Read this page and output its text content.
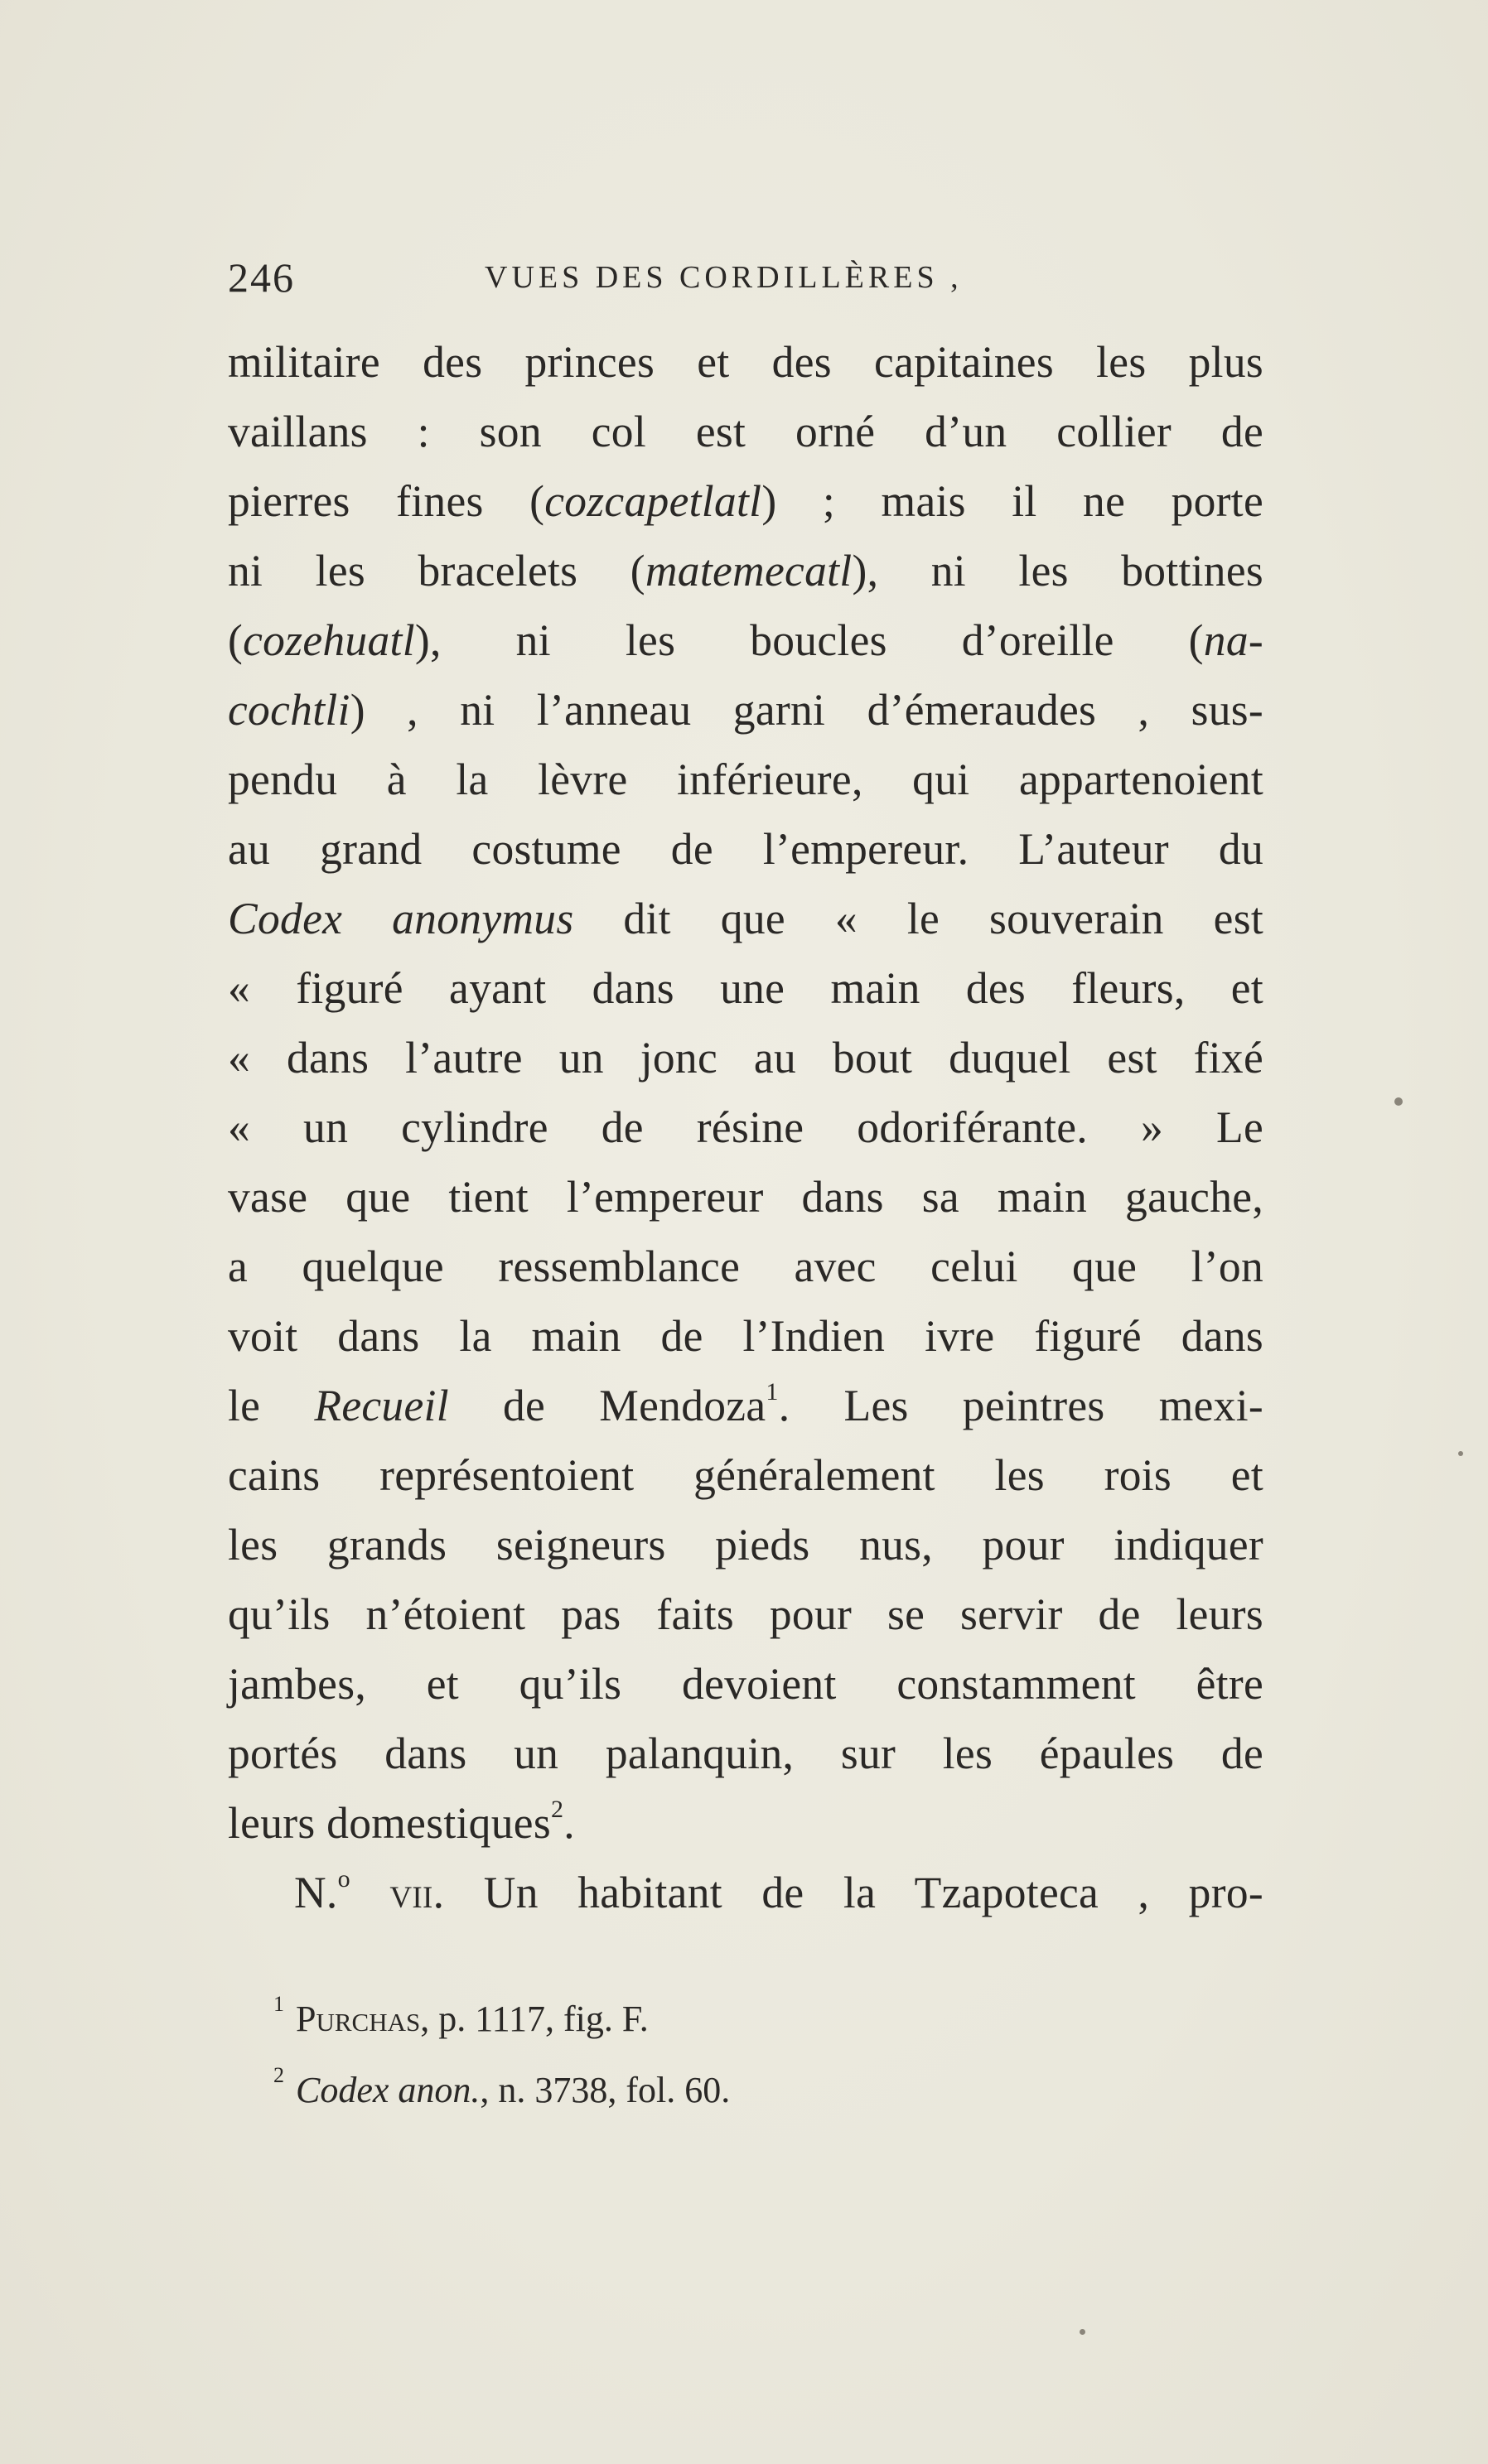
246	VUES DES CORDILLÈRES ,
militaire des princes et des capitaines les plus
vaillans : son col est orné d’un collier de
pierres fines (cozcapetlatl) ; mais il ne porte
ni les bracelets (matemecatl), ni les bottines
(cozehuatl), ni les boucles d’oreille (na-
cochtli) , ni l’anneau garni d’émeraudes , sus-
pendu à la lèvre inférieure, qui appartenoient
au grand costume de l’empereur. L’auteur du
Codex anonymus dit que « le souverain est
« figuré ayant dans une main des fleurs, et
« dans l’autre un jonc au bout duquel est fixé
« un cylindre de résine odoriférante. » Le
vase que tient l’empereur dans sa main gauche,
a quelque ressemblance avec celui que l’on
voit dans la main de l’Indien ivre figuré dans
le Recueil de Mendoza$^1$. Les peintres mexi-
cains représentoient généralement les rois et
les grands seigneurs pieds nus, pour indiquer
qu’ils n’étoient pas faits pour se servir de leurs
jambes, et qu’ils devoient constamment être
portés dans un palanquin, sur les épaules de
leurs domestiques$^2$.
N.$^o$ vii. Un habitant de la Tzapoteca , pro-
$^1$ Purchas, p. 1117, fig. F.
$^2$ Codex anon., n. 3738, fol. 60.
